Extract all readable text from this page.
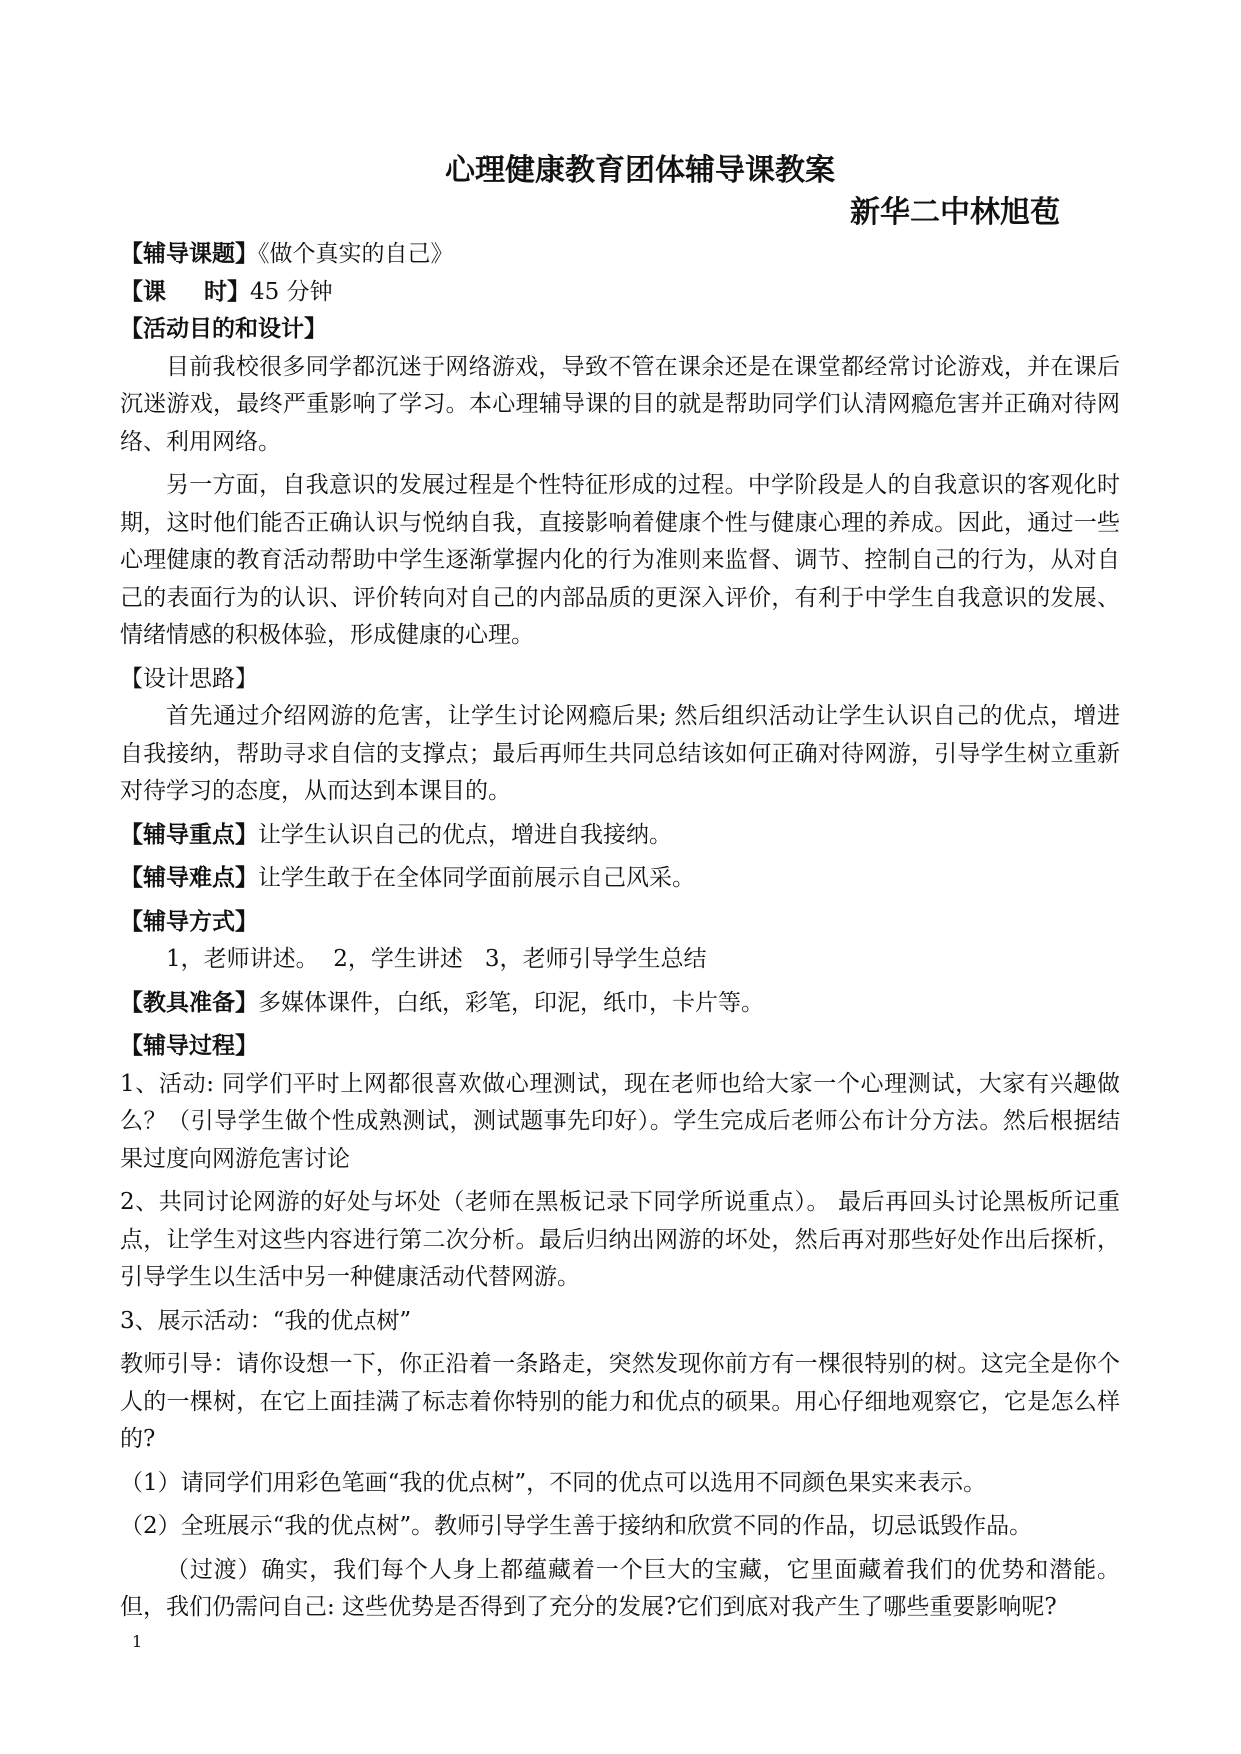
心理健康教育团体辅导课教案
新华二中林旭苞

【辅导课题】《做个真实的自己》

【课 时】45 分钟

【活动目的和设计】

目前我校很多同学都沉迷于网络游戏，导致不管在课余还是在课堂都经常讨论游戏，并在课后沉迷游戏，最终严重影响了学习。本心理辅导课的目的就是帮助同学们认清网瘾危害并正确对待网络、利用网络。

另一方面，自我意识的发展过程是个性特征形成的过程。中学阶段是人的自我意识的客观化时期，这时他们能否正确认识与悦纳自我，直接影响着健康个性与健康心理的养成。因此，通过一些心理健康的教育活动帮助中学生逐渐掌握内化的行为准则来监督、调节、控制自己的行为，从对自己的表面行为的认识、评价转向对自己的内部品质的更深入评价，有利于中学生自我意识的发展、情绪情感的积极体验，形成健康的心理。

【设计思路】

首先通过介绍网游的危害，让学生讨论网瘾后果; 然后组织活动让学生认识自己的优点，增进自我接纳，帮助寻求自信的支撑点；最后再师生共同总结该如何正确对待网游，引导学生树立重新对待学习的态度，从而达到本课目的。

【辅导重点】让学生认识自己的优点，增进自我接纳。

【辅导难点】让学生敢于在全体同学面前展示自己风采。

【辅导方式】

1，老师讲述。 2，学生讲述 3，老师引导学生总结

【教具准备】多媒体课件，白纸，彩笔，印泥，纸巾，卡片等。

【辅导过程】

1、活动: 同学们平时上网都很喜欢做心理测试，现在老师也给大家一个心理测试，大家有兴趣做么？（引导学生做个性成熟测试，测试题事先印好）。学生完成后老师公布计分方法。然后根据结果过度向网游危害讨论

2、共同讨论网游的好处与坏处（老师在黑板记录下同学所说重点）。 最后再回头讨论黑板所记重点，让学生对这些内容进行第二次分析。最后归纳出网游的坏处，然后再对那些好处作出后探析，引导学生以生活中另一种健康活动代替网游。

3、展示活动：“我的优点树”

教师引导：请你设想一下，你正沿着一条路走，突然发现你前方有一棵很特别的树。这完全是你个人的一棵树，在它上面挂满了标志着你特别的能力和优点的硕果。用心仔细地观察它，它是怎么样的?

（1）请同学们用彩色笔画“我的优点树”，不同的优点可以选用不同颜色果实来表示。

（2）全班展示“我的优点树”。教师引导学生善于接纳和欣赏不同的作品，切忌诋毁作品。

（过渡）确实，我们每个人身上都蕴藏着一个巨大的宝藏，它里面藏着我们的优势和潜能。但，我们仍需问自己: 这些优势是否得到了充分的发展?它们到底对我产生了哪些重要影响呢?

1
